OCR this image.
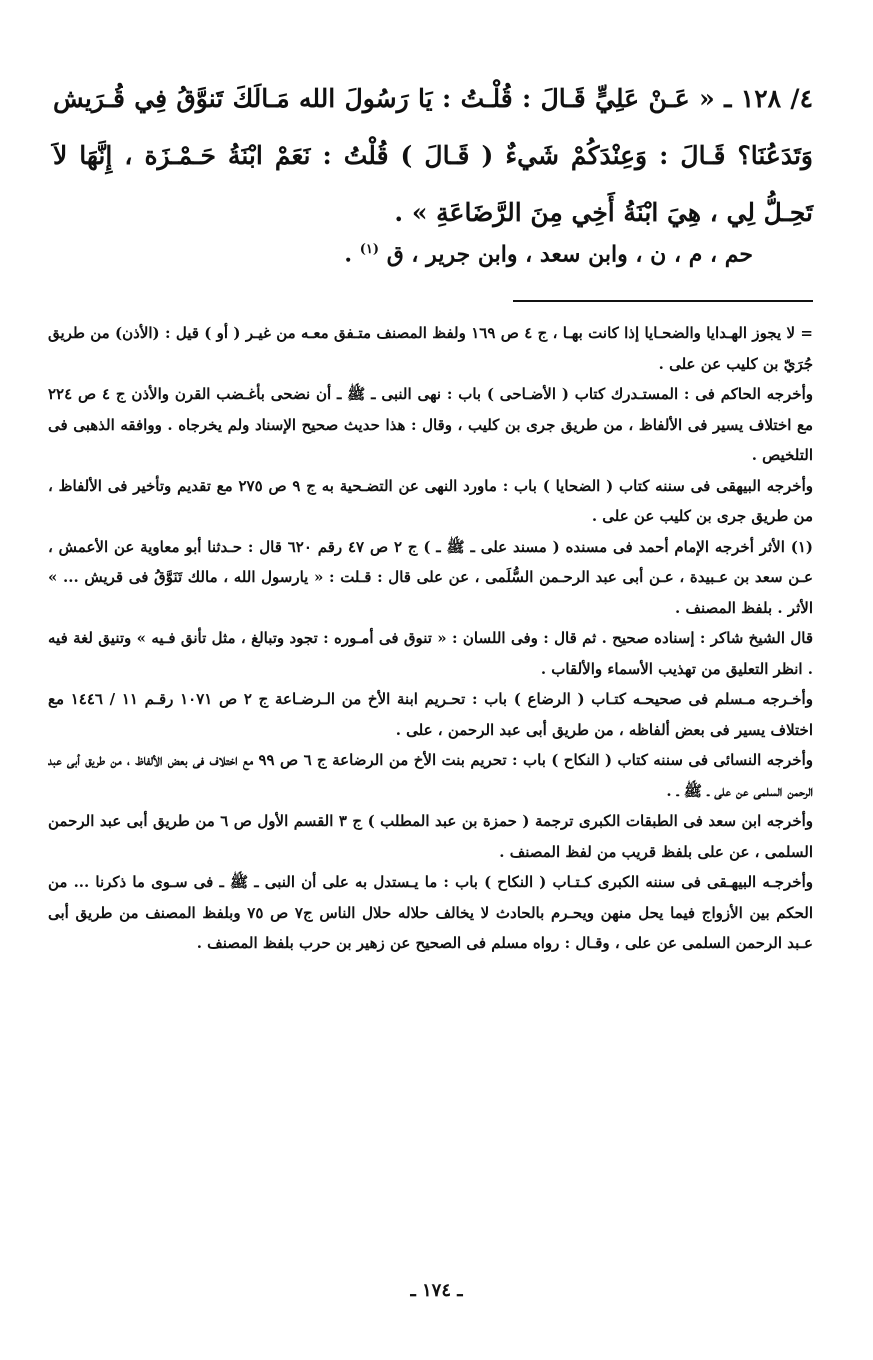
٤/ ١٢٨ ـ « عَـنْ عَلِيٍّ قَـالَ : قُلْـتُ : يَا رَسُولَ الله مَـالَكَ تَنوَّقُ فِي قُـرَيش وَتَدَعُنَا؟ قَـالَ : وَعِنْدَكُمْ شَيءٌ ( قَـالَ ) قُلْتُ : نَعَمْ ابْنَةُ حَـمْـزَة ، إِنَّهَا لاَ تَحِـلُّ لِي ، هِيَ ابْنَةُ أَخِي مِنَ الرَّضَاعَةِ » .

حم ، م ، ن ، وابن سعد ، وابن جرير ، ق $^{(١)}$ .

= لا يجوز الهـدايا والضحـايا إذا كانت بهـا ، ج ٤ ص ١٦٩ ولفظ المصنف متـفق معـه من غيـر ( أو ) قيل : (الأذن) من طريق جُرَيّ بن كليب عن على .

وأخرجه الحاكم فى : المستـدرك كتاب ( الأضـاحى ) باب : نهى النبى ـ ﷺ ـ أن نضحى بأغـضب القرن والأذن ج ٤ ص ٢٢٤ مع اختلاف يسير فى الألفاظ ، من طريق جرى بن كليب ، وقال : هذا حديث صحيح الإسناد ولم يخرجاه . ووافقه الذهبى فى التلخيص .

وأخرجه البيهقى فى سننه كتاب ( الضحايا ) باب : ماورد النهى عن التضـحية به ج ٩ ص ٢٧٥ مع تقديم وتأخير فى الألفاظ ، من طريق جرى بن كليب عن على .

(١) الأثر أخرجه الإمام أحمد فى مسنده ( مسند على ـ ﷺ ـ ) ج ٢ ص ٤٧ رقم ٦٢٠ قال : حـدثنا أبو معاوية عن الأعمش ، عـن سعد بن عـبيدة ، عـن أبى عبد الرحـمن السُّلَمى ، عن على قال : قـلت : « يارسول الله ، مالك تَنَوَّقُ فى قريش ... » الأثر . بلفظ المصنف .

قال الشيخ شاكر : إسناده صحيح . ثم قال : وفى اللسان : « تنوق فى أمـوره : تجود وتبالغ ، مثل تأنق فـيه » وتنيق لغة فيه . انظر التعليق من تهذيب الأسماء والألقاب .

وأخـرجه مـسلم فى صحيحـه كتـاب ( الرضاع ) باب : تحـريم ابنة الأخ من الـرضـاعة ج ٢ ص ١٠٧١ رقـم ١١ / ١٤٤٦ مع اختلاف يسير فى بعض ألفاظه ، من طريق أبى عبد الرحمن ، على .

وأخرجه النسائى فى سننه كتاب ( النكاح ) باب : تحريم بنت الأخ من الرضاعة ج ٦ ص ٩٩ مع اختلاف فى بعض الألفاظ ، من طريق أبى عبد الرحمن السلمى عن على ـ ﷺ ـ .

وأخرجه ابن سعد فى الطبقات الكبرى ترجمة ( حمزة بن عبد المطلب ) ج ٣ القسم الأول ص ٦ من طريق أبى عبد الرحمن السلمى ، عن على بلفظ قريب من لفظ المصنف .

وأخرجـه البيهـقى فى سننه الكبرى كـتـاب ( النكاح ) باب : ما يـستدل به على أن النبى ـ ﷺ ـ فى سـوى ما ذكرنا ... من الحكم بين الأزواج فيما يحل منهن ويحـرم بالحادث لا يخالف حلاله حلال الناس ج٧ ص ٧٥ وبلفظ المصنف من طريق أبى عـبد الرحمن السلمى عن على ، وقـال : رواه مسلم فى الصحيح عن زهير بن حرب بلفظ المصنف .

ـ ١٧٤ ـ
